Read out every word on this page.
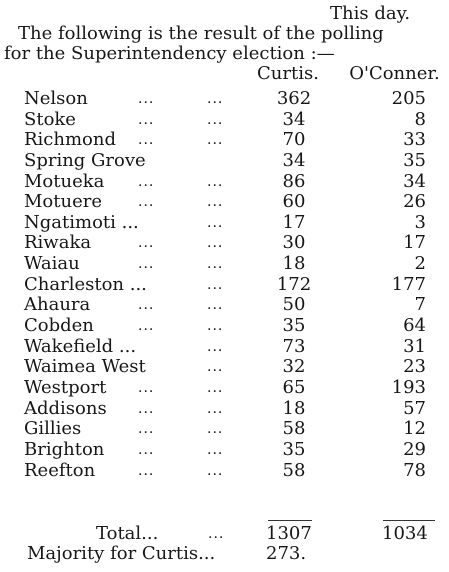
This day.
The following is the result of the polling
for the Superintendency election :—
Curtis.	O'Conner.
Nelson ... ...	362	205
Stoke ... ...	34	8
Richmond ... ...	70	33
Spring Grove	34	35
Motueka ... ...	86	34
Motuere ... ...	60	26
Ngatimoti ... ...	17	3
Riwaka ... ...	30	17
Waiau ... ...	18	2
Charleston ... ...	172	177
Ahaura ... ...	50	7
Cobden ... ...	35	64
Wakefield ... ...	73	31
Waimea West ...	32	23
Westport ... ...	65	193
Addisons ... ...	18	57
Gillies ... ...	58	12
Brighton ... ...	35	29
Reefton ... ...	58	78
Total...	... 1307	1034
Majority for Curtis...	273.
